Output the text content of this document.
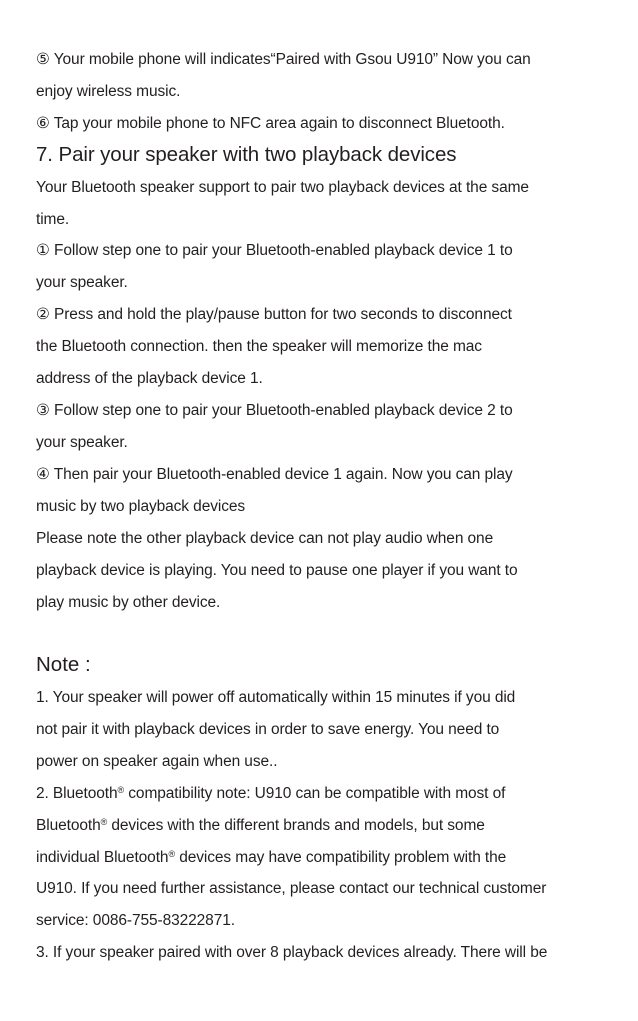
⑤ Your mobile phone will indicates“Paired with Gsou U910” Now you can
enjoy wireless music.
⑥ Tap your mobile phone to NFC area again to disconnect Bluetooth.
7. Pair your speaker with two playback devices
Your Bluetooth speaker support to pair two playback devices at the same
time.
① Follow step one to pair your Bluetooth-enabled playback device 1 to
your speaker.
② Press and hold the play/pause button for two seconds to disconnect
the Bluetooth connection. then the speaker will memorize the mac
address of the playback device 1.
③ Follow step one to pair your Bluetooth-enabled playback device 2 to
your speaker.
④ Then pair your Bluetooth-enabled device 1 again. Now you can play
music by two playback devices
Please note the other playback device can not play audio when one
playback device is playing. You need to pause one player if you want to
play music by other device.
Note :
1. Your speaker will power off automatically within 15 minutes if you did
not pair it with playback devices in order to save energy. You need to
power on speaker again when use..
2. Bluetooth® compatibility note: U910 can be compatible with most of
Bluetooth® devices with the different brands and models, but some
individual Bluetooth® devices may have compatibility problem with the
U910. If you need further assistance, please contact our technical customer
service: 0086-755-83222871.
3. If your speaker paired with over 8 playback devices already. There will be
